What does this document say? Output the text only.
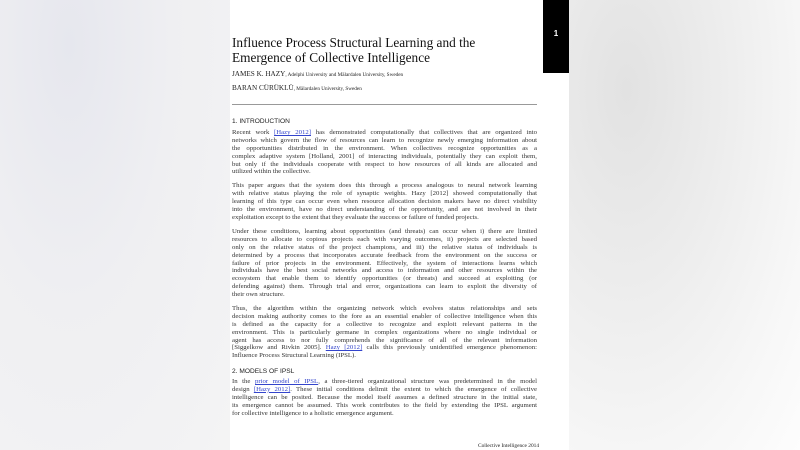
1
Influence Process Structural Learning and the
Emergence of Collective Intelligence
JAMES K. HAZY, Adelphi University and Mälardalen University, Sweden
BARAN CÜRÜKLÜ, Mälardalen University, Sweden
1. INTRODUCTION
Recent work [Hazy 2012] has demonstrated computationally that collectives that are organized into
networks which govern the flow of resources can learn to recognize newly emerging information about
the opportunities distributed in the environment. When collectives recognize opportunities as a
complex adaptive system [Holland, 2001] of interacting individuals, potentially they can exploit them,
but only if the individuals cooperate with respect to how resources of all kinds are allocated and
utilized within the collective.
This paper argues that the system does this through a process analogous to neural network learning
with relative status playing the role of synaptic weights. Hazy [2012] showed computationally that
learning of this type can occur even when resource allocation decision makers have no direct visibility
into the environment, have no direct understanding of the opportunity, and are not involved in their
exploitation except to the extent that they evaluate the success or failure of funded projects.
Under these conditions, learning about opportunities (and threats) can occur when i) there are limited
resources to allocate to copious projects each with varying outcomes, ii) projects are selected based
only on the relative status of the project champions, and iii) the relative status of individuals is
determined by a process that incorporates accurate feedback from the environment on the success or
failure of prior projects in the environment. Effectively, the system of interactions learns which
individuals have the best social networks and access to information and other resources within the
ecosystem that enable them to identify opportunities (or threats) and succeed at exploiting (or
defending against) them. Through trial and error, organizations can learn to exploit the diversity of
their own structure.
Thus, the algorithm within the organizing network which evolves status relationships and sets
decision making authority comes to the fore as an essential enabler of collective intelligence when this
is defined as the capacity for a collective to recognize and exploit relevant patterns in the
environment. This is particularly germane in complex organizations where no single individual or
agent has access to nor fully comprehends the significance of all of the relevant information
[Siggelkow and Rivkin 2005]. Hazy [2012] calls this previously unidentified emergence phenomenon:
Influence Process Structural Learning (IPSL).
2. MODELS OF IPSL
In the prior model of IPSL, a three-tiered organizational structure was predetermined in the model
design [Hazy 2012]. These initial conditions delimit the extent to which the emergence of collective
intelligence can be posited. Because the model itself assumes a defined structure in the initial state,
its emergence cannot be assumed. This work contributes to the field by extending the IPSL argument
for collective intelligence to a holistic emergence argument.
Collective Intelligence 2014
